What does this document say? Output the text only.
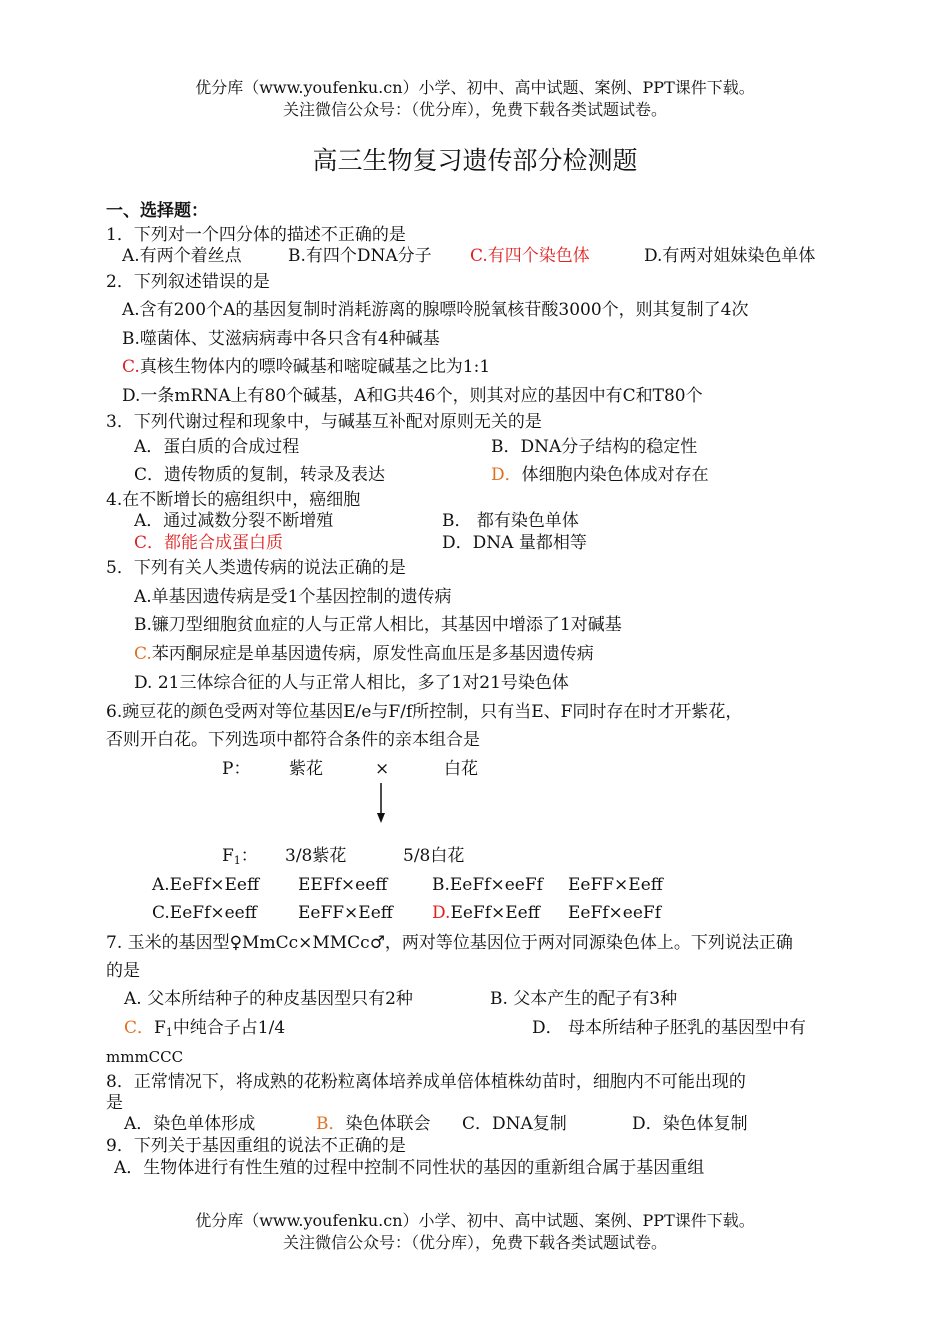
优分库（www.youfenku.cn）小学、初中、高中试题、案例、PPT课件下载。
关注微信公众号：（优分库），免费下载各类试题试卷。
高三生物复习遗传部分检测题
一、选择题：
1．下列对一个四分体的描述不正确的是
A.有两个着丝点	B.有四个DNA分子 C.有四个染色体	D.有两对姐妹染色单体
2．下列叙述错误的是
A.含有200个A的基因复制时消耗游离的腺嘌呤脱氧核苷酸3000个，则其复制了4次
B.噬菌体、艾滋病病毒中各只含有4种碱基
C.真核生物体内的嘌呤碱基和嘧啶碱基之比为1:1
D.一条mRNA上有80个碱基，A和G共46个，则其对应的基因中有C和T80个
3．下列代谢过程和现象中，与碱基互补配对原则无关的是
A．蛋白质的合成过程	B．DNA分子结构的稳定性
C．遗传物质的复制，转录及表达	D．体细胞内染色体成对存在
4.在不断增长的癌组织中，癌细胞
A．通过减数分裂不断增殖	B． 都有染色单体
C．都能合成蛋白质	D．DNA 量都相等
5．下列有关人类遗传病的说法正确的是
A.单基因遗传病是受1个基因控制的遗传病
B.镰刀型细胞贫血症的人与正常人相比，其基因中增添了1对碱基
C.苯丙酮尿症是单基因遗传病，原发性高血压是多基因遗传病
D. 21三体综合征的人与正常人相比，多了1对21号染色体
6.豌豆花的颜色受两对等位基因E/e与F/f所控制，只有当E、F同时存在时才开紫花，
否则开白花。下列选项中都符合条件的亲本组合是
P： 紫花	×	白花
$F_1$： 3/8紫花	5/8白花
A.EeFf×Eeff EEFf×eeff	B.EeFf×eeFf EeFF×Eeff
C.EeFf×eeff EeFF×Eeff D.EeFf×Eeff EeFf×eeFf
7. 玉米的基因型♀MmCc×MMCc♂，两对等位基因位于两对同源染色体上。下列说法正确
的是
A. 父本所结种子的种皮基因型只有2种	B. 父本产生的配子有3种
C．$F_1$中纯合子占1/4	D． 母本所结种子胚乳的基因型中有
mmmCCC
8．正常情况下，将成熟的花粉粒离体培养成单倍体植株幼苗时，细胞内不可能出现的
是
A．染色单体形成	B．染色体联会 C．DNA复制	D．染色体复制
9．下列关于基因重组的说法不正确的是
A．生物体进行有性生殖的过程中控制不同性状的基因的重新组合属于基因重组
优分库（www.youfenku.cn）小学、初中、高中试题、案例、PPT课件下载。
关注微信公众号：（优分库），免费下载各类试题试卷。
